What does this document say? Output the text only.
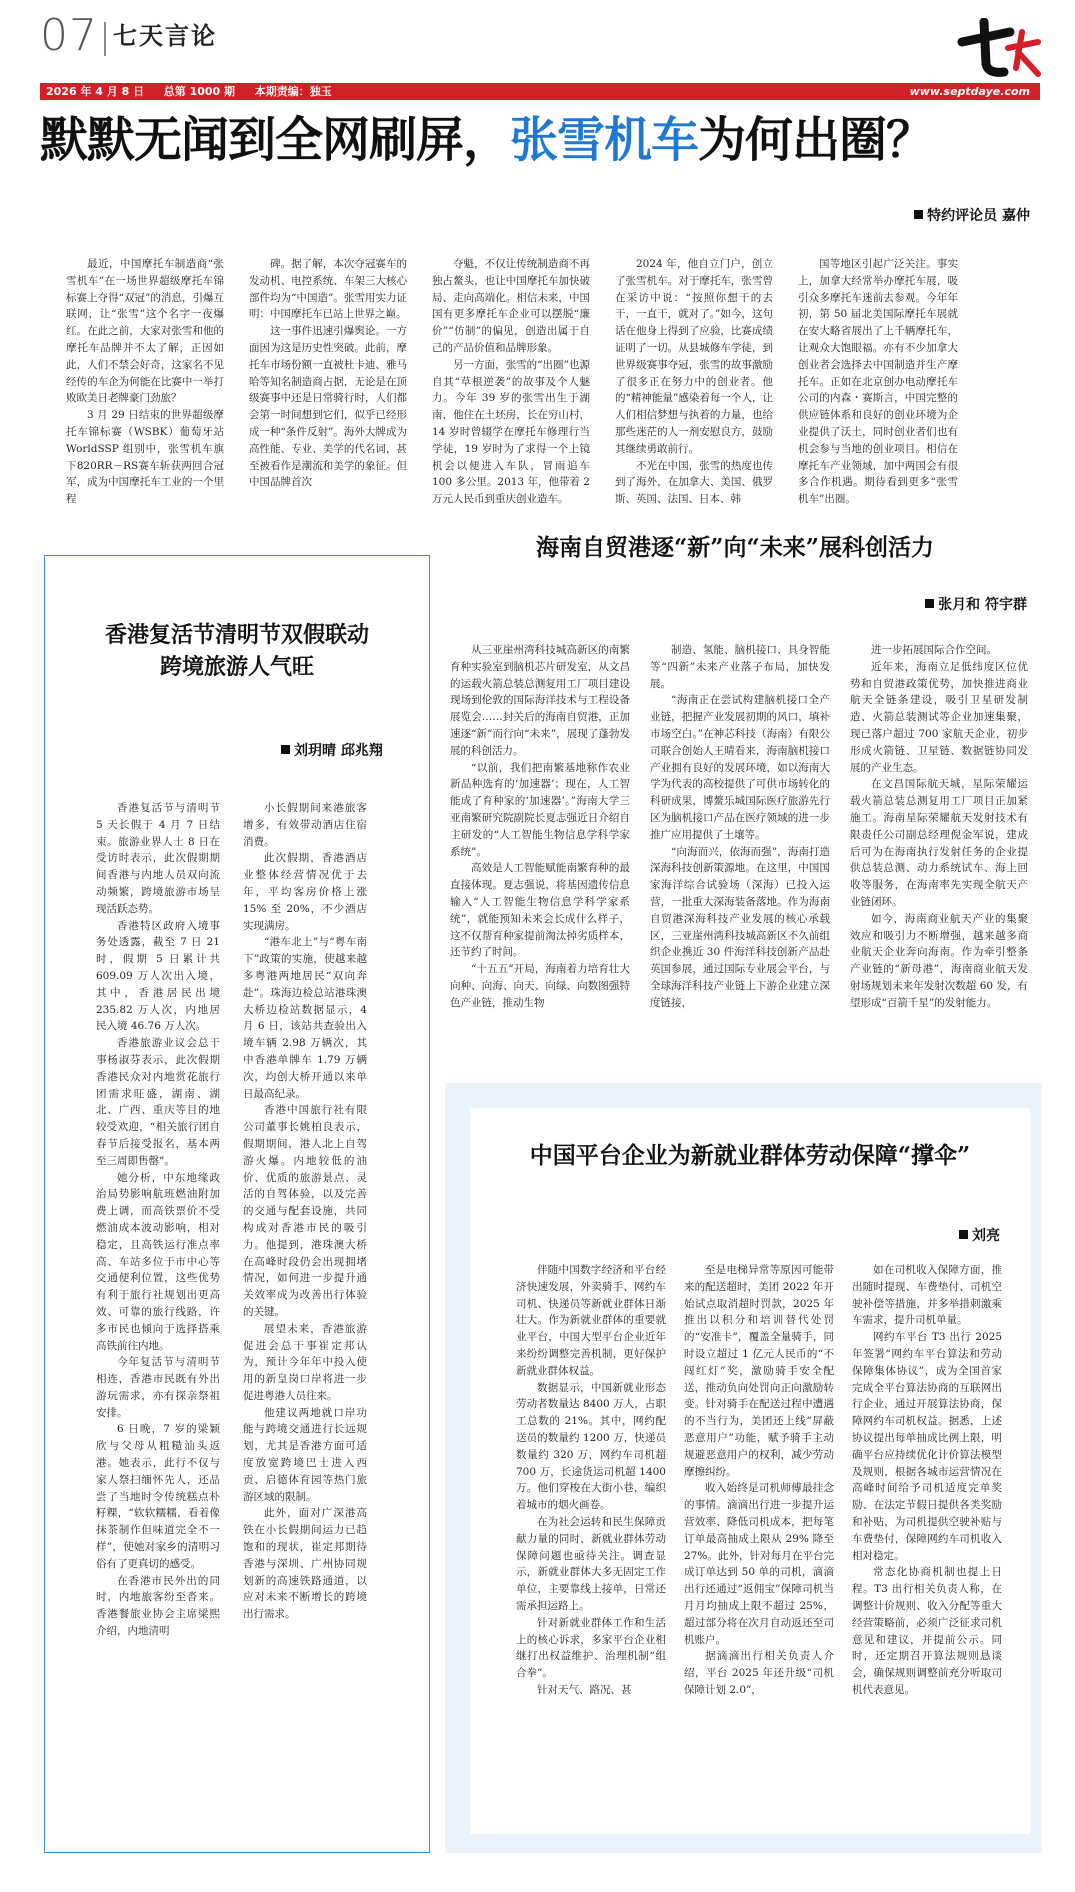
07 七天言论
2026 年 4 月 8 日 总第 1000 期 本期责编：独玉	www.septdaye.com
默默无闻到全网刷屏，张雪机车为何出圈？
特约评论员 嘉仲

最近，中国摩托车制造商“张雪机车”在一场世界超级摩托车锦标赛上夺得“双冠”的消息，引爆互联网，让“张雪”这个名字一夜爆红。在此之前，大家对张雪和他的摩托车品牌并不太了解，正因如此，人们不禁会好奇，这家名不见经传的车企为何能在比赛中一举打败欧美日老牌豪门劲旅？

3 月 29 日结束的世界超级摩托车锦标赛（WSBK）葡萄牙站WorldSSP 组别中，张雪机车旗下820RR－RS赛车斩获两回合冠军，成为中国摩托车工业的一个里程

碑。据了解，本次夺冠赛车的发动机、电控系统、车架三大核心部件均为“中国造”。张雪用实力证明：中国摩托车已站上世界之巅。

这一事件迅速引爆舆论。一方面因为这是历史性突破。此前，摩托车市场份额一直被杜卡迪、雅马哈等知名制造商占据，无论是在顶级赛事中还是日常骑行时，人们都会第一时间想到它们，似乎已经形成一种“条件反射”。海外大牌成为高性能、专业、美学的代名词，甚至被看作是潮流和美学的象征。但中国品牌首次

夺魁，不仅让传统制造商不再独占鳌头，也让中国摩托车加快破局、走向高端化。相信未来，中国国有更多摩托车企业可以摆脱“廉价”“仿制”的偏见，创造出属于自己的产品价值和品牌形象。

另一方面，张雪的“出圈”也源自其“草根逆袭”的故事及个人魅力。今年 39 岁的张雪出生于湖南，他住在土坯房，长在穷山村，14 岁时曾辍学在摩托车修理行当学徒，19 岁时为了求得一个上镜机会以便进入车队，冒雨追车 100 多公里。2013 年，他带着 2 万元人民币到重庆创业造车。

2024 年，他自立门户，创立了张雪机车。对于摩托车，张雪曾在采访中说：“按照你想干的去干，一直干，就对了。”如今，这句话在他身上得到了应验，比赛成绩证明了一切。从县城修车学徒，到世界级赛事夺冠，张雪的故事激励了很多正在努力中的创业者。他的“精神能量”感染着每一个人，让人们相信梦想与执着的力量，也给那些迷茫的人一剂安慰良方，鼓励其继续勇敢前行。

不光在中国，张雪的热度也传到了海外，在加拿大、美国、俄罗斯、英国、法国、日本、韩

国等地区引起广泛关注。事实上，加拿大经常举办摩托车展，吸引众多摩托车迷前去参观。今年年初，第 50 届北美国际摩托车展就在安大略省展出了上千辆摩托车，让观众大饱眼福。亦有不少加拿大创业者会选择去中国制造并生产摩托车。正如在北京创办电动摩托车公司的内森・赛斯言，中国完整的供应链体系和良好的创业环境为企业提供了沃土，同时创业者们也有机会参与当地的创业项目。相信在摩托车产业领域，加中两国会有很多合作机遇。期待看到更多“张雪机车”出圈。

香港复活节清明节双假联动
跨境旅游人气旺
刘玥晴 邱兆翔

香港复活节与清明节 5 天长假于 4 月 7 日结束。旅游业界人士 8 日在受访时表示，此次假期期间香港与内地人员双向流动频繁，跨境旅游市场呈现活跃态势。

香港特区政府入境事务处透露，截至 7 日 21 时，假期 5 日累计共 609.09 万人次出入境，其中，香港居民出境 235.82 万人次，内地居民入境 46.76 万人次。

香港旅游业议会总干事杨淑芬表示，此次假期香港民众对内地赏花旅行团需求旺盛，湖南、湖北、广西、重庆等目的地较受欢迎，“相关旅行团自春节后接受报名，基本两至三周即售罄”。

她分析，中东地缘政治局势影响航班燃油附加费上调，而高铁票价不受燃油成本波动影响，相对稳定，且高铁运行准点率高、车站多位于市中心等交通便利位置，这些优势有利于旅行社规划出更高效、可靠的旅行线路，许多市民也倾向于选择搭乘高铁前往内地。

今年复活节与清明节相连，香港市民既有外出游玩需求，亦有探亲祭祖安排。

6 日晚，7 岁的梁颖欣与父母从粗糙汕头返港。她表示，此行不仅与家人祭扫缅怀先人，还品尝了当地时令传统糕点朴籽粿，“软软糯糯，看着像抹茶制作但味道完全不一样”，使她对家乡的清明习俗有了更真切的感受。

在香港市民外出的同时，内地旅客纷至沓来。香港餐旅业协会主席梁熙介绍，内地清明

小长假期间来港旅客增多，有效带动酒店住宿消费。

此次假期，香港酒店业整体经营情况优于去年，平均客房价格上涨 15% 至 20%，不少酒店实现满房。

“港车北上”与“粤车南下”政策的实施，使越来越多粤港两地居民“双向奔赴”。珠海边检总站港珠澳大桥边检站数据显示，4 月 6 日，该站共查验出入境车辆 2.98 万辆次，其中香港单牌车 1.79 万辆次，均创大桥开通以来单日最高纪录。

香港中国旅行社有限公司董事长姚柏良表示，假期期间，港人北上自驾游火爆。内地较低的油价、优质的旅游景点、灵活的自驾体验，以及完善的交通与配套设施，共同构成对香港市民的吸引力。他提到，港珠澳大桥在高峰时段仍会出现拥堵情况，如何进一步提升通关效率成为改善出行体验的关键。

展望未来，香港旅游促进会总干事崔定邦认为，预计今年年中投入使用的新皇岗口岸将进一步促进粤港人员往来。

他建议两地就口岸功能与跨境交通进行长远规划，尤其是香港方面可适度放宽跨境巴士进入西贡、启德体育园等热门旅游区域的限制。

此外，面对广深港高铁在小长假期间运力已趋饱和的现状，崔定邦期待香港与深圳、广州协同规划新的高速铁路通道，以应对未来不断增长的跨境出行需求。

海南自贸港逐“新”向“未来”展科创活力
张月和 符宇群

从三亚崖州湾科技城高新区的南繁育种实验室到脑机芯片研发室，从文昌的运载火箭总装总测复用工厂项目建设现场到伦敦的国际海洋技术与工程设备展览会……封关后的海南自贸港，正加速逐“新”而行向“未来”，展现了蓬勃发展的科创活力。

“以前，我们把南繁基地称作农业新品种选育的‘加速器’；现在，人工智能成了育种家的‘加速器’。”海南大学三亚南繁研究院副院长夏志强近日介绍自主研发的“人工智能生物信息学科学家系统”。

高效是人工智能赋能南繁育种的最直接体现。夏志强说，将基因遗传信息输入“人工智能生物信息学科学家系统”，就能预知未来会长成什么样子，这不仅帮育种家提前淘汰掉劣质样本，还节约了时间。

“十五五”开局，海南着力培育壮大向种、向海、向天、向绿、向数图强特色产业链，推动生物

制造、氢能、脑机接口、具身智能等“四新”未来产业落子布局，加快发展。

“海南正在尝试构建脑机接口全产业链，把握产业发展初期的风口，填补市场空白。”在神芯科技（海南）有限公司联合创始人王晴看来，海南脑机接口产业拥有良好的发展环境，如以海南大学为代表的高校提供了可供市场转化的科研成果，博鳌乐城国际医疗旅游先行区为脑机接口产品在医疗领域的进一步推广应用提供了土壤等。

“向海而兴，依海而强”，海南打造深海科技创新策源地。在这里，中国国家海洋综合试验场（深海）已投入运营，一批重大深海装备落地。作为海南自贸港深海科技产业发展的核心承载区，三亚崖州湾科技城高新区不久前组织企业携近 30 件海洋科技创新产品赴英国参展，通过国际专业展会平台，与全球海洋科技产业链上下游企业建立深度链接，

进一步拓展国际合作空间。

近年来，海南立足低纬度区位优势和自贸港政策优势，加快推进商业航天全链条建设，吸引卫星研发制造、火箭总装测试等企业加速集聚，现已落户超过 700 家航天企业，初步形成火箭链、卫星链、数据链协同发展的产业生态。

在文昌国际航天城，星际荣耀运载火箭总装总测复用工厂项目正加紧施工。海南星际荣耀航天发射技术有限责任公司副总经理倪金军说，建成后可为在海南执行发射任务的企业提供总装总测、动力系统试车、海上回收等服务，在海南率先实现全航天产业链闭环。

如今，海南商业航天产业的集聚效应和吸引力不断增强，越来越多商业航天企业奔向海南。作为牵引整条产业链的“新母港”，海南商业航天发射场规划未来年发射次数超 60 发，有望形成“百箭千星”的发射能力。

中国平台企业为新就业群体劳动保障“撑伞”
刘亮

伴随中国数字经济和平台经济快速发展，外卖骑手、网约车司机、快递员等新就业群体日渐壮大。作为新就业群体的重要就业平台，中国大型平台企业近年来纷纷调整完善机制，更好保护新就业群体权益。

数据显示，中国新就业形态劳动者数量达 8400 万人，占职工总数的 21%。其中，网约配送员的数量约 1200 万，快递员数量约 320 万，网约车司机超 700 万，长途货运司机超 1400 万。他们穿梭在大街小巷，编织着城市的烟火画卷。

在为社会运转和民生保障贡献力量的同时，新就业群体劳动保障问题也亟待关注。调查显示，新就业群体大多无固定工作单位，主要靠线上接单，日常还需承担运路上。

针对新就业群体工作和生活上的核心诉求，多家平台企业相继打出权益维护、治理机制“组合拳”。

针对天气、路况、甚

至是电梯异常等原因可能带来的配送超时，美团 2022 年开始试点取消超时罚款，2025 年推出以积分和培训替代处罚的“安准卡”，覆盖全量骑手，同时设立超过 1 亿元人民币的“不闯红灯”奖，激励骑手安全配送，推动负向处罚向正向激励转变。针对骑手在配送过程中遭遇的不当行为，美团还上线“屏蔽恶意用户”功能，赋予骑手主动规避恶意用户的权利，减少劳动摩擦纠纷。

收入始终是司机师傅最挂念的事情。滴滴出行进一步提升运营效率、降低司机成本，把每笔订单最高抽成上限从 29% 降至 27%。此外，针对每月在平台完成订单达到 50 单的司机，滴滴出行还通过“返佣宝”保障司机当月月均抽成上限不超过 25%，超过部分将在次月自动返还至司机账户。

据滴滴出行相关负责人介绍，平台 2025 年还升级“司机保障计划 2.0”，

如在司机收入保障方面，推出随时提现、车费垫付、司机空驶补偿等措施，并多举措刺激乘车需求，提升司机单量。

网约车平台 T3 出行 2025 年签署“网约车平台算法和劳动保障集体协议”，成为全国首家完成全平台算法协商的互联网出行企业，通过开展算法协商，保障网约车司机权益。据悉，上述协议提出每单抽成比例上限，明确平台应持续优化计价算法模型及规则，根据各城市运营情况在高峰时间给予司机适度完单奖励、在法定节假日提供各类奖励和补贴，为司机提供空驶补贴与车费垫付，保障网约车司机收入相对稳定。

常态化协商机制也提上日程。T3 出行相关负责人称，在调整计价规则、收入分配等重大经营策略前，必须广泛征求司机意见和建议，并提前公示。同时，还定期召开算法规则恳谈会，确保规则调整前充分听取司机代表意见。
